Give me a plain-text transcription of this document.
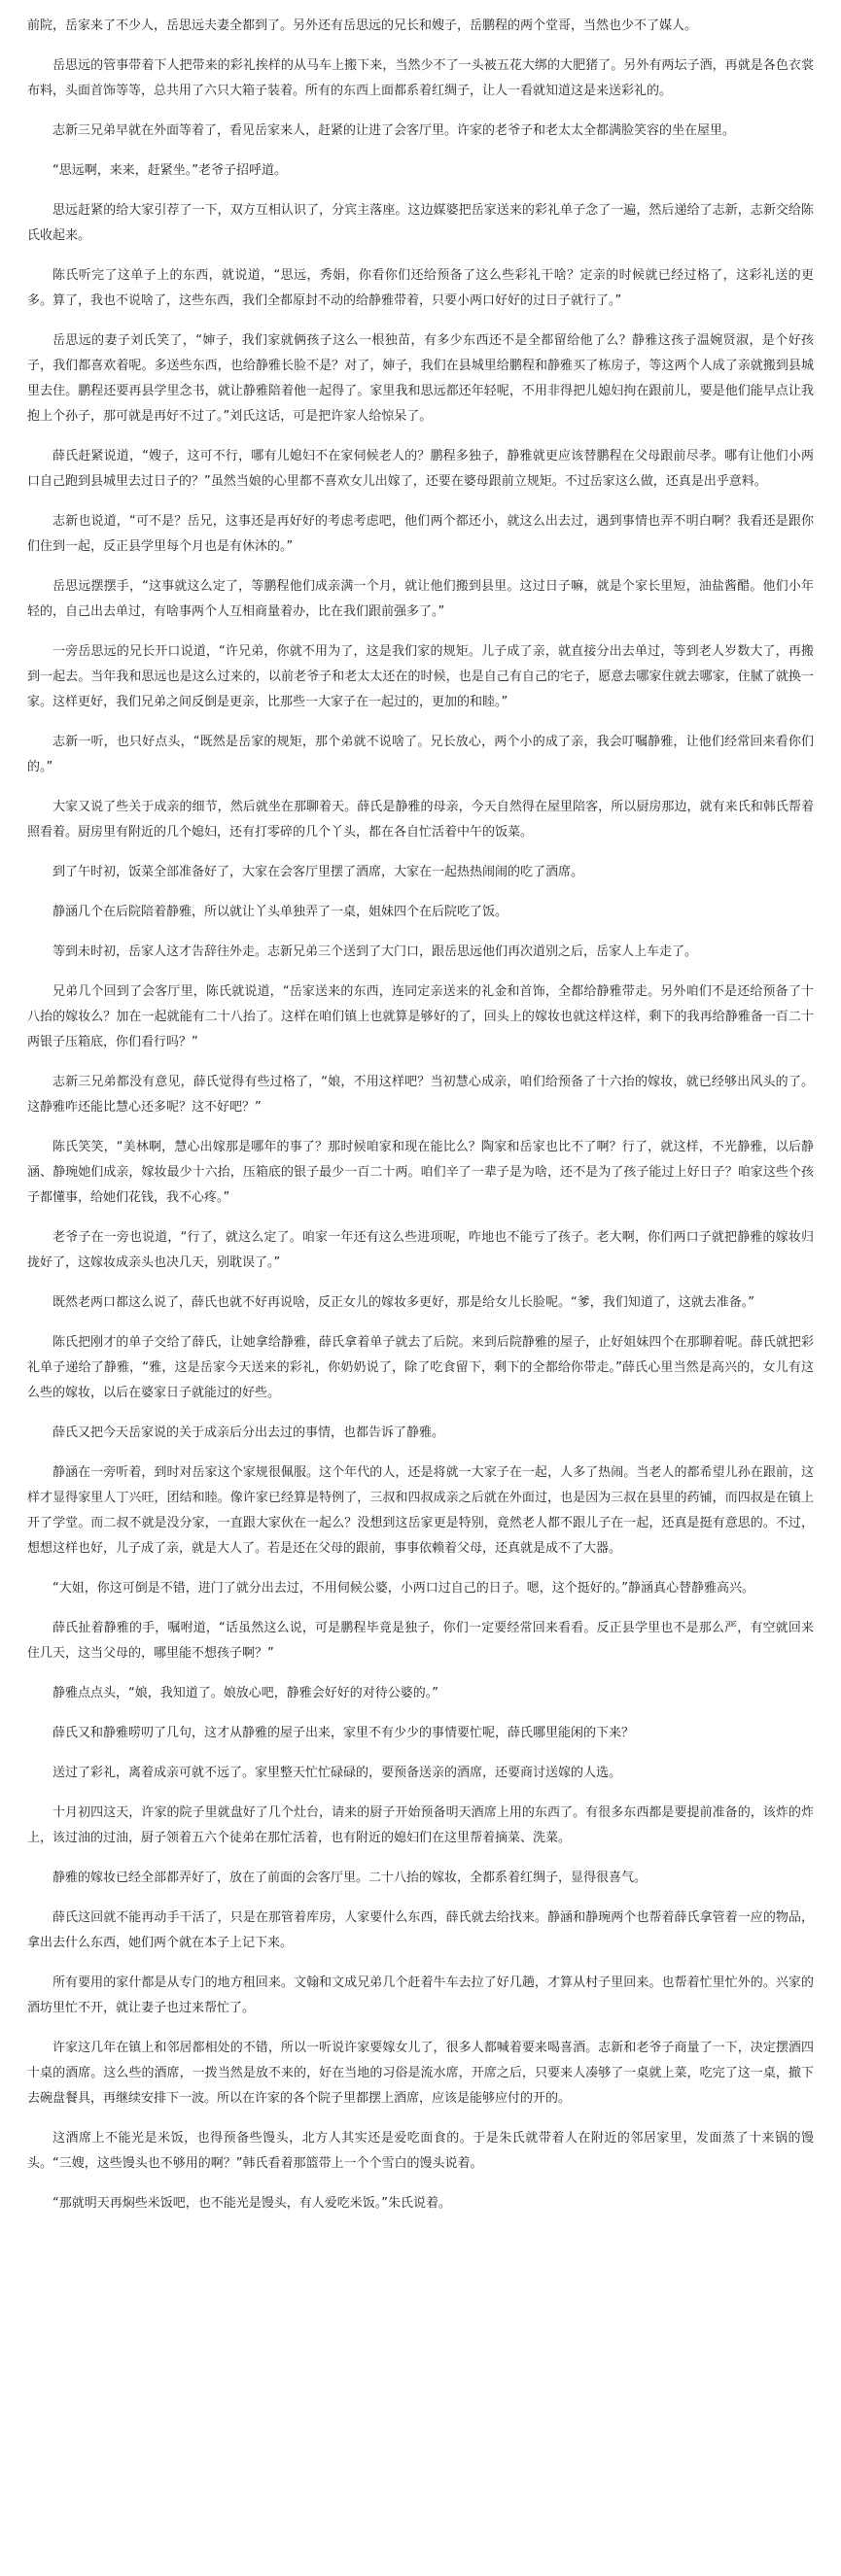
前院，岳家来了不少人，岳思远夫妻全都到了。另外还有岳思远的兄长和嫂子，岳鹏程的两个堂哥，当然也少不了媒人。

岳思远的管事带着下人把带来的彩礼挨样的从马车上搬下来，当然少不了一头被五花大绑的大肥猪了。另外有两坛子酒，再就是各色衣裳布料，头面首饰等等，总共用了六只大箱子装着。所有的东西上面都系着红绸子，让人一看就知道这是来送彩礼的。

志新三兄弟早就在外面等着了，看见岳家来人，赶紧的让进了会客厅里。许家的老爷子和老太太全都满脸笑容的坐在屋里。

“思远啊，来来，赶紧坐。”老爷子招呼道。

思远赶紧的给大家引荐了一下，双方互相认识了，分宾主落座。这边媒婆把岳家送来的彩礼单子念了一遍，然后递给了志新，志新交给陈氏收起来。

陈氏听完了这单子上的东西，就说道，“思远，秀娟，你看你们还给预备了这么些彩礼干啥？定亲的时候就已经过格了，这彩礼送的更多。算了，我也不说啥了，这些东西，我们全都原封不动的给静雅带着，只要小两口好好的过日子就行了。”

岳思远的妻子刘氏笑了，“婶子，我们家就俩孩子这么一根独苗，有多少东西还不是全都留给他了么？静雅这孩子温婉贤淑，是个好孩子，我们都喜欢着呢。多送些东西，也给静雅长脸不是？对了，婶子，我们在县城里给鹏程和静雅买了栋房子，等这两个人成了亲就搬到县城里去住。鹏程还要再县学里念书，就让静雅陪着他一起得了。家里我和思远都还年轻呢，不用非得把儿媳妇拘在跟前儿，要是他们能早点让我抱上个孙子，那可就是再好不过了。”刘氏这话，可是把许家人给惊呆了。

薛氏赶紧说道，“嫂子，这可不行，哪有儿媳妇不在家伺候老人的？鹏程多独子，静雅就更应该替鹏程在父母跟前尽孝。哪有让他们小两口自己跑到县城里去过日子的？”虽然当娘的心里都不喜欢女儿出嫁了，还要在婆母跟前立规矩。不过岳家这么做，还真是出乎意料。

志新也说道，“可不是？岳兄，这事还是再好好的考虑考虑吧，他们两个都还小，就这么出去过，遇到事情也弄不明白啊？我看还是跟你们住到一起，反正县学里每个月也是有休沐的。”

岳思远摆摆手，“这事就这么定了，等鹏程他们成亲满一个月，就让他们搬到县里。这过日子嘛，就是个家长里短，油盐酱醋。他们小年轻的，自己出去单过，有啥事两个人互相商量着办，比在我们跟前强多了。”

一旁岳思远的兄长开口说道，“许兄弟，你就不用为了，这是我们家的规矩。儿子成了亲，就直接分出去单过，等到老人岁数大了，再搬到一起去。当年我和思远也是这么过来的，以前老爷子和老太太还在的时候，也是自己有自己的宅子，愿意去哪家住就去哪家，住腻了就换一家。这样更好，我们兄弟之间反倒是更亲，比那些一大家子在一起过的，更加的和睦。”

志新一听，也只好点头，“既然是岳家的规矩，那个弟就不说啥了。兄长放心，两个小的成了亲，我会叮嘱静雅，让他们经常回来看你们的。”

大家又说了些关于成亲的细节，然后就坐在那聊着天。薛氏是静雅的母亲，今天自然得在屋里陪客，所以厨房那边，就有来氏和韩氏帮着照看着。厨房里有附近的几个媳妇，还有打零碎的几个丫头，都在各自忙活着中午的饭菜。

到了午时初，饭菜全部准备好了，大家在会客厅里摆了酒席，大家在一起热热闹闹的吃了酒席。

静涵几个在后院陪着静雅，所以就让丫头单独弄了一桌，姐妹四个在后院吃了饭。

等到未时初，岳家人这才告辞往外走。志新兄弟三个送到了大门口，跟岳思远他们再次道别之后，岳家人上车走了。

兄弟几个回到了会客厅里，陈氏就说道，“岳家送来的东西，连同定亲送来的礼金和首饰，全都给静雅带走。另外咱们不是还给预备了十八抬的嫁妆么？加在一起就能有二十八抬了。这样在咱们镇上也就算是够好的了，回头上的嫁妆也就这样这样，剩下的我再给静雅备一百二十两银子压箱底，你们看行吗？”

志新三兄弟都没有意见，薛氏觉得有些过格了，“娘，不用这样吧？当初慧心成亲，咱们给预备了十六抬的嫁妆，就已经够出风头的了。这静雅咋还能比慧心还多呢？这不好吧？”

陈氏笑笑，“美林啊，慧心出嫁那是哪年的事了？那时候咱家和现在能比么？陶家和岳家也比不了啊？行了，就这样，不光静雅，以后静涵、静琬她们成亲，嫁妆最少十六抬，压箱底的银子最少一百二十两。咱们辛了一辈子是为啥，还不是为了孩子能过上好日子？咱家这些个孩子都懂事，给她们花钱，我不心疼。”

老爷子在一旁也说道，“行了，就这么定了。咱家一年还有这么些进项呢，咋地也不能亏了孩子。老大啊，你们两口子就把静雅的嫁妆归拢好了，这嫁妆成亲头也决几天，别耽误了。”

既然老两口都这么说了，薛氏也就不好再说啥，反正女儿的嫁妆多更好，那是给女儿长脸呢。“爹，我们知道了，这就去准备。”

陈氏把刚才的单子交给了薛氏，让她拿给静雅，薛氏拿着单子就去了后院。来到后院静雅的屋子，止好姐妹四个在那聊着呢。薛氏就把彩礼单子递给了静雅，“雅，这是岳家今天送来的彩礼，你奶奶说了，除了吃食留下，剩下的全都给你带走。”薛氏心里当然是高兴的，女儿有这么些的嫁妆，以后在婆家日子就能过的好些。

薛氏又把今天岳家说的关于成亲后分出去过的事情，也都告诉了静雅。

静涵在一旁听着，到时对岳家这个家规很佩服。这个年代的人，还是将就一大家子在一起，人多了热闹。当老人的都希望儿孙在跟前，这样才显得家里人丁兴旺，团结和睦。像许家已经算是特例了，三叔和四叔成亲之后就在外面过，也是因为三叔在县里的药铺，而四叔是在镇上开了学堂。而二叔不就是没分家，一直跟大家伙在一起么？没想到这岳家更是特别，竟然老人都不跟儿子在一起，还真是挺有意思的。不过，想想这样也好，儿子成了亲，就是大人了。若是还在父母的跟前，事事依赖着父母，还真就是成不了大器。

“大姐，你这可倒是不错，进门了就分出去过，不用伺候公婆，小两口过自己的日子。嗯，这个挺好的。”静涵真心替静雅高兴。

薛氏扯着静雅的手，嘱咐道，“话虽然这么说，可是鹏程毕竟是独子，你们一定要经常回来看看。反正县学里也不是那么严，有空就回来住几天，这当父母的，哪里能不想孩子啊？”

静雅点点头，“娘，我知道了。娘放心吧，静雅会好好的对待公婆的。”

薛氏又和静雅唠叨了几句，这才从静雅的屋子出来，家里不有少少的事情要忙呢，薛氏哪里能闲的下来？

送过了彩礼，离着成亲可就不远了。家里整天忙忙碌碌的，要预备送亲的酒席，还要商讨送嫁的人选。

十月初四这天，许家的院子里就盘好了几个灶台，请来的厨子开始预备明天酒席上用的东西了。有很多东西都是要提前准备的，该炸的炸上，该过油的过油，厨子领着五六个徒弟在那忙活着，也有附近的媳妇们在这里帮着摘菜、洗菜。

静雅的嫁妆已经全部都弄好了，放在了前面的会客厅里。二十八抬的嫁妆，全都系着红绸子，显得很喜气。

薛氏这回就不能再动手干活了，只是在那管着库房，人家要什么东西，薛氏就去给找来。静涵和静琬两个也帮着薛氏拿管着一应的物品，拿出去什么东西，她们两个就在本子上记下来。

所有要用的家什都是从专门的地方租回来。文翰和文成兄弟几个赶着牛车去拉了好几趟，才算从村子里回来。也帮着忙里忙外的。兴家的酒坊里忙不开，就让妻子也过来帮忙了。

许家这几年在镇上和邻居都相处的不错，所以一听说许家要嫁女儿了，很多人都喊着要来喝喜酒。志新和老爷子商量了一下，决定摆酒四十桌的酒席。这么些的酒席，一拨当然是放不来的，好在当地的习俗是流水席，开席之后，只要来人凑够了一桌就上菜，吃完了这一桌，撤下去碗盘餐具，再继续安排下一波。所以在许家的各个院子里都摆上酒席，应该是能够应付的开的。

这酒席上不能光是米饭，也得预备些馒头，北方人其实还是爱吃面食的。于是朱氏就带着人在附近的邻居家里，发面蒸了十来锅的馒头。“三嫂，这些馒头也不够用的啊？”韩氏看着那篮带上一个个雪白的馒头说着。

“那就明天再焖些米饭吧，也不能光是馒头，有人爱吃米饭。”朱氏说着。
